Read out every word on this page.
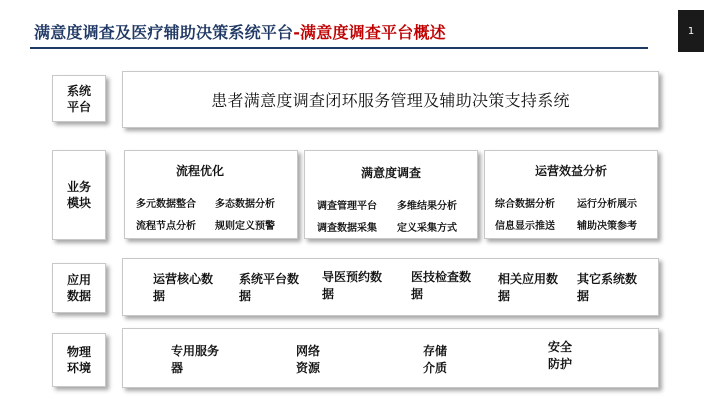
满意度调查及医疗辅助决策系统平台-满意度调查平台概述	1
系统平台	患者满意度调查闭环服务管理及辅助决策支持系统
业务模块
流程优化
多元数据整合 多态数据分析
流程节点分析 规则定义预警
满意度调查
调查管理平台 多维结果分析
调查数据采集 定义采集方式
运营效益分析
综合数据分析 运行分析展示
信息显示推送 辅助决策参考
应用数据
运营核心数据
系统平台数据
导医预约数据
医技检查数据
相关应用数据
其它系统数据
物理环境
专用服务器
网络资源
存储介质
安全防护
